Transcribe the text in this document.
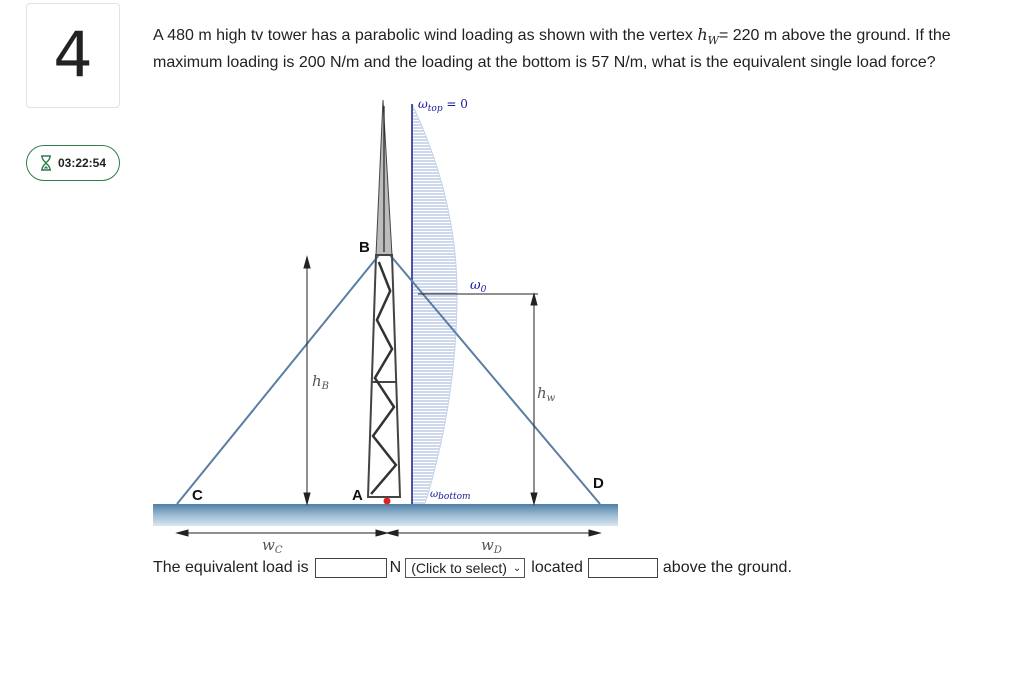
4
03:22:54
A 480 m high tv tower has a parabolic wind loading as shown with the vertex $h_W= 220$ m above the ground. If the maximum loading is 200 N/m and the loading at the bottom is 57 N/m, what is the equivalent single load force?
$\omega_{top} = 0$
$\omega_0$
ωbottom
$h_B$	$h_w$
$w_C$	$w_D$
B
A
C
D
The equivalent load is	N (Click to select) ⌄ located	above the ground.
